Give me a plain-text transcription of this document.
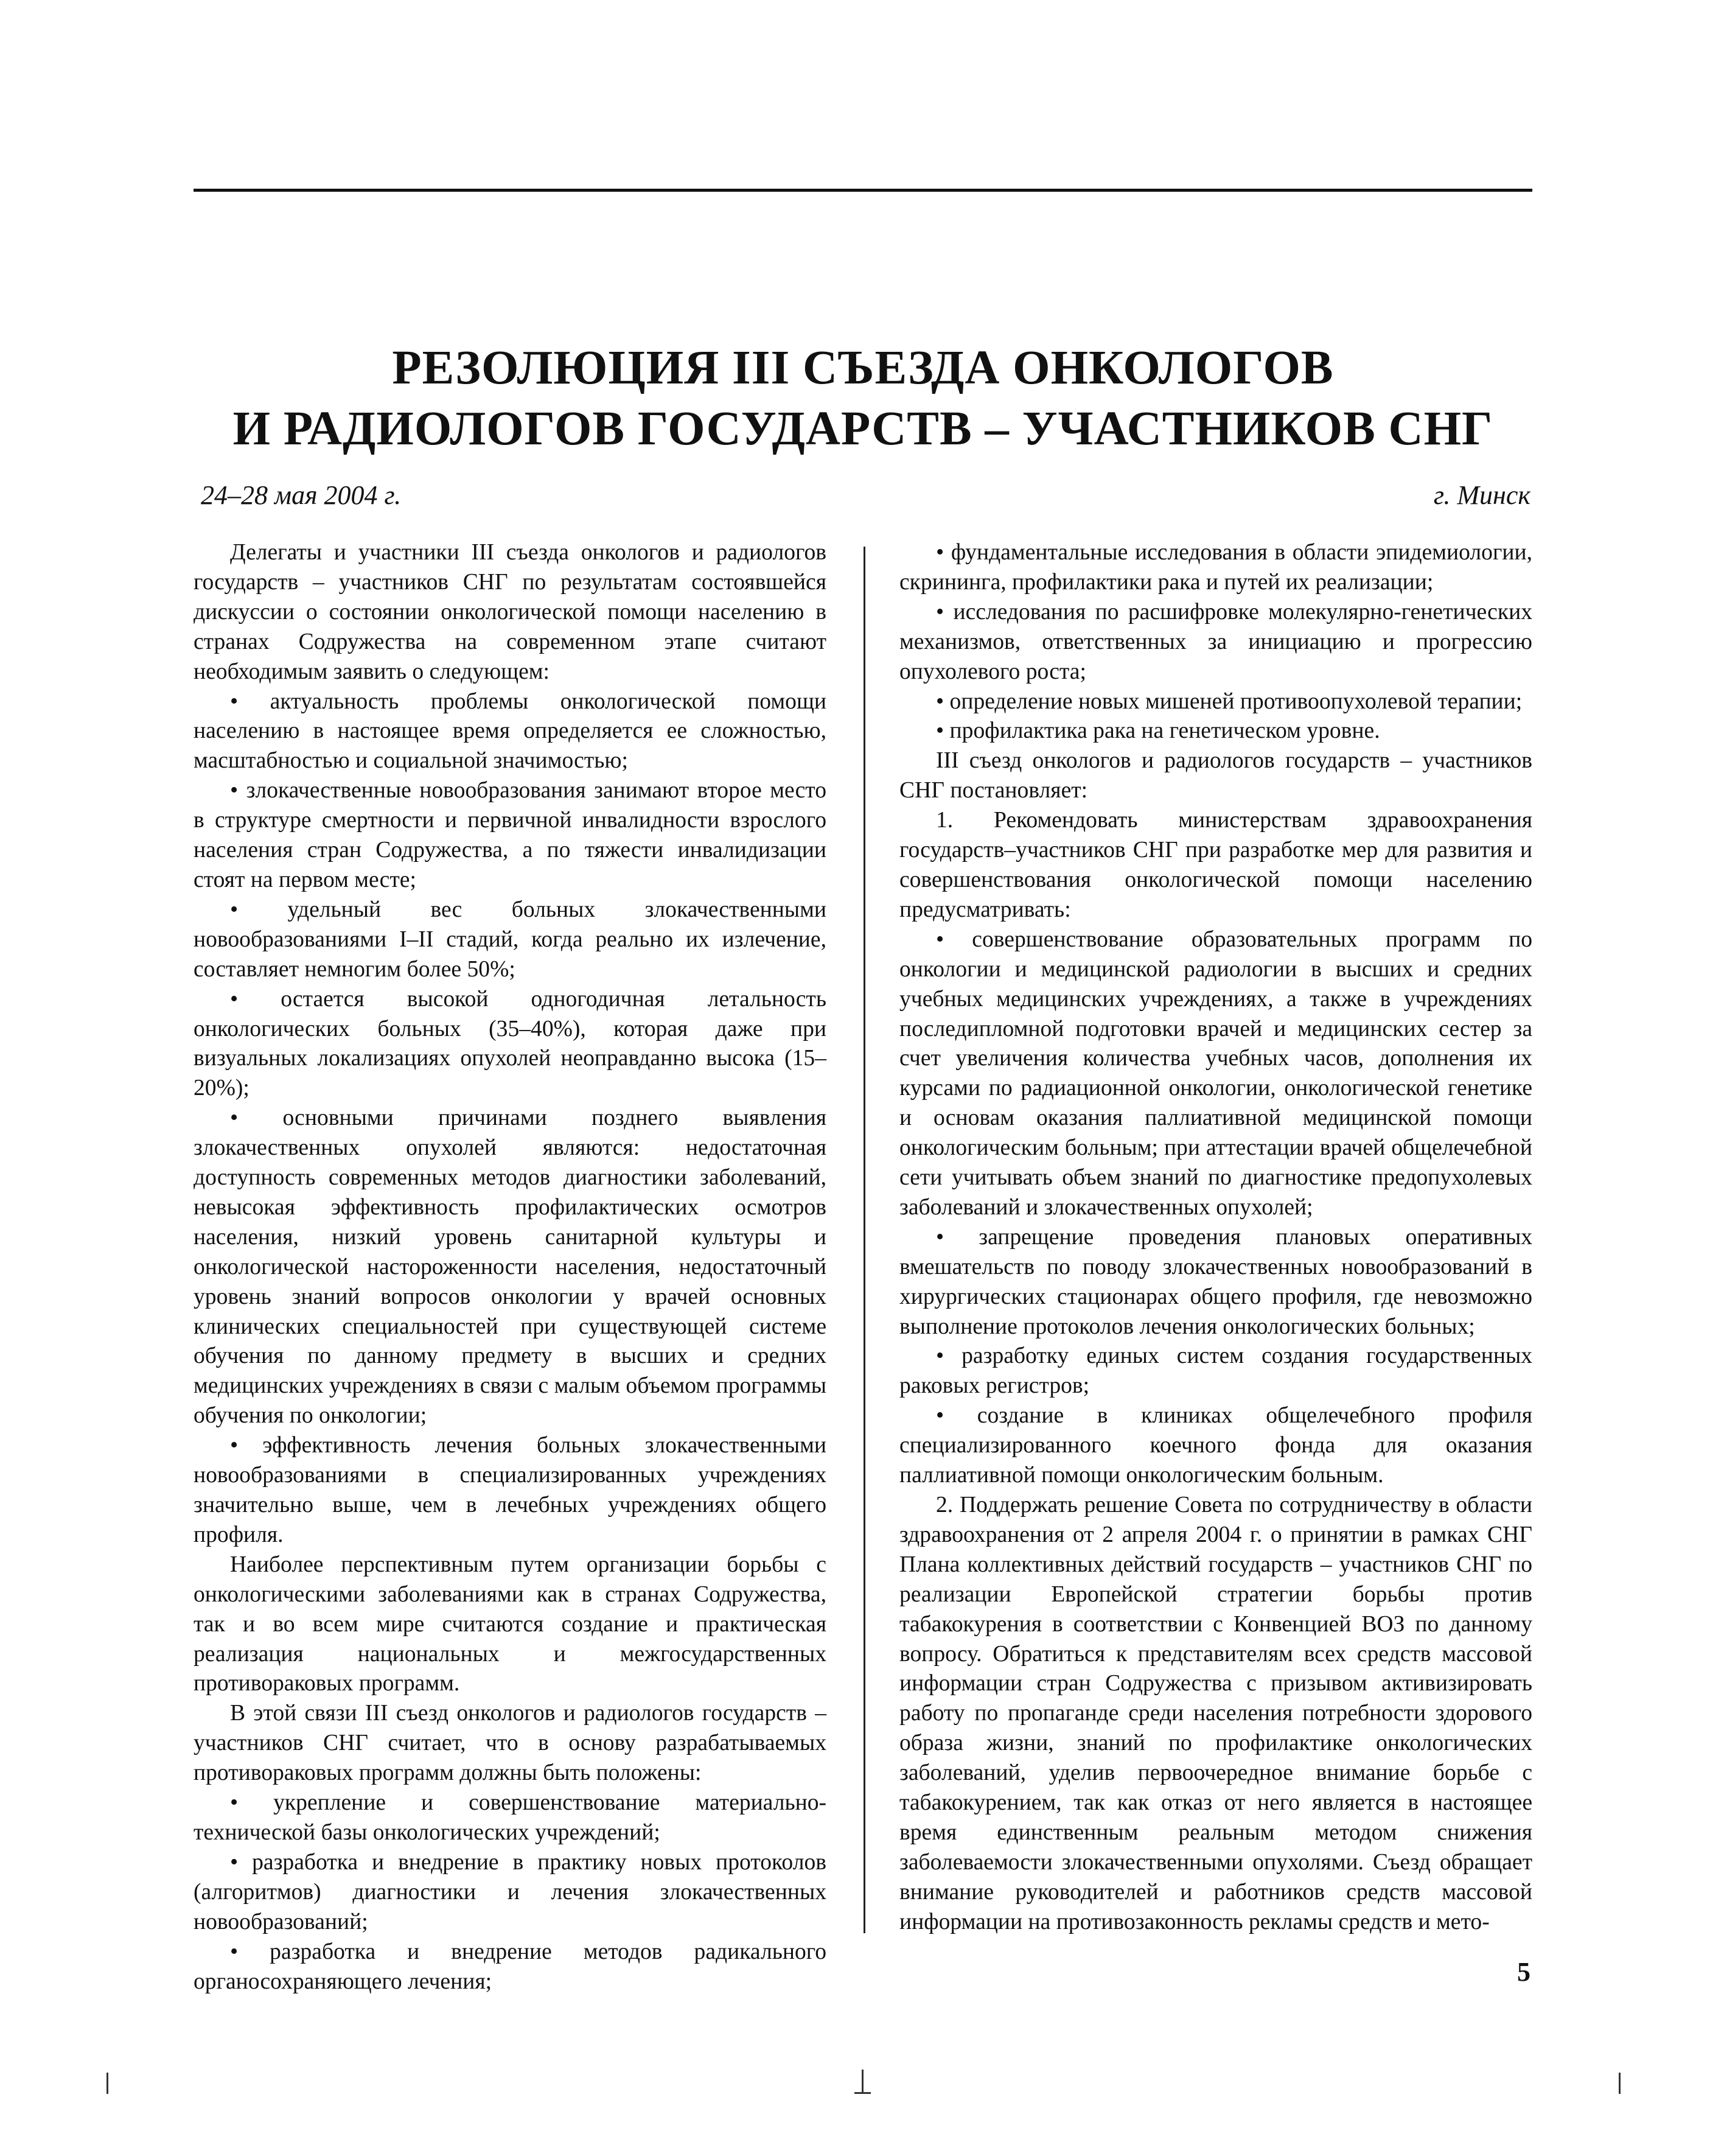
РЕЗОЛЮЦИЯ III СЪЕЗДА ОНКОЛОГОВ
И РАДИОЛОГОВ ГОСУДАРСТВ – УЧАСТНИКОВ СНГ
24–28 мая 2004 г.	г. Минск

Делегаты и участники III съезда онкологов и радиологов государств – участников СНГ по результатам состоявшейся дискуссии о состоянии онкологической помощи населению в странах Содружества на современном этапе считают необходимым заявить о следующем:

• актуальность проблемы онкологической помощи населению в настоящее время определяется ее сложностью, масштабностью и социальной значимостью;

• злокачественные новообразования занимают второе место в структуре смертности и первичной инвалидности взрослого населения стран Содружества, а по тяжести инвалидизации стоят на первом месте;

• удельный вес больных злокачественными новообразованиями I–II стадий, когда реально их излечение, составляет немногим более 50%;

• остается высокой одногодичная летальность онкологических больных (35–40%), которая даже при визуальных локализациях опухолей неоправданно высока (15–20%);

• основными причинами позднего выявления злокачественных опухолей являются: недостаточная доступность современных методов диагностики заболеваний, невысокая эффективность профилактических осмотров населения, низкий уровень санитарной культуры и онкологической настороженности населения, недостаточный уровень знаний вопросов онкологии у врачей основных клинических специальностей при существующей системе обучения по данному предмету в высших и средних медицинских учреждениях в связи с малым объемом программы обучения по онкологии;

• эффективность лечения больных злокачественными новообразованиями в специализированных учреждениях значительно выше, чем в лечебных учреждениях общего профиля.

Наиболее перспективным путем организации борьбы с онкологическими заболеваниями как в странах Содружества, так и во всем мире считаются создание и практическая реализация национальных и межгосударственных противораковых программ.

В этой связи III съезд онкологов и радиологов государств – участников СНГ считает, что в основу разрабатываемых противораковых программ должны быть положены:

• укрепление и совершенствование материально-технической базы онкологических учреждений;

• разработка и внедрение в практику новых протоколов (алгоритмов) диагностики и лечения злокачественных новообразований;

• разработка и внедрение методов радикального органосохраняющего лечения;

• фундаментальные исследования в области эпидемиологии, скрининга, профилактики рака и путей их реализации;

• исследования по расшифровке молекулярно-генетических механизмов, ответственных за инициацию и прогрессию опухолевого роста;

• определение новых мишеней противоопухолевой терапии;

• профилактика рака на генетическом уровне.

III съезд онкологов и радиологов государств – участников СНГ постановляет:

1. Рекомендовать министерствам здравоохранения государств–участников СНГ при разработке мер для развития и совершенствования онкологической помощи населению предусматривать:

• совершенствование образовательных программ по онкологии и медицинской радиологии в высших и средних учебных медицинских учреждениях, а также в учреждениях последипломной подготовки врачей и медицинских сестер за счет увеличения количества учебных часов, дополнения их курсами по радиационной онкологии, онкологической генетике и основам оказания паллиативной медицинской помощи онкологическим больным; при аттестации врачей общелечебной сети учитывать объем знаний по диагностике предопухолевых заболеваний и злокачественных опухолей;

• запрещение проведения плановых оперативных вмешательств по поводу злокачественных новообразований в хирургических стационарах общего профиля, где невозможно выполнение протоколов лечения онкологических больных;

• разработку единых систем создания государственных раковых регистров;

• создание в клиниках общелечебного профиля специализированного коечного фонда для оказания паллиативной помощи онкологическим больным.

2. Поддержать решение Совета по сотрудничеству в области здравоохранения от 2 апреля 2004 г. о принятии в рамках СНГ Плана коллективных действий государств – участников СНГ по реализации Европейской стратегии борьбы против табакокурения в соответствии с Конвенцией ВОЗ по данному вопросу. Обратиться к представителям всех средств массовой информации стран Содружества с призывом активизировать работу по пропаганде среди населения потребности здорового образа жизни, знаний по профилактике онкологических заболеваний, уделив первоочередное внимание борьбе с табакокурением, так как отказ от него является в настоящее время единственным реальным методом снижения заболеваемости злокачественными опухолями. Съезд обращает внимание руководителей и работников средств массовой информации на противозаконность рекламы средств и мето-

5
